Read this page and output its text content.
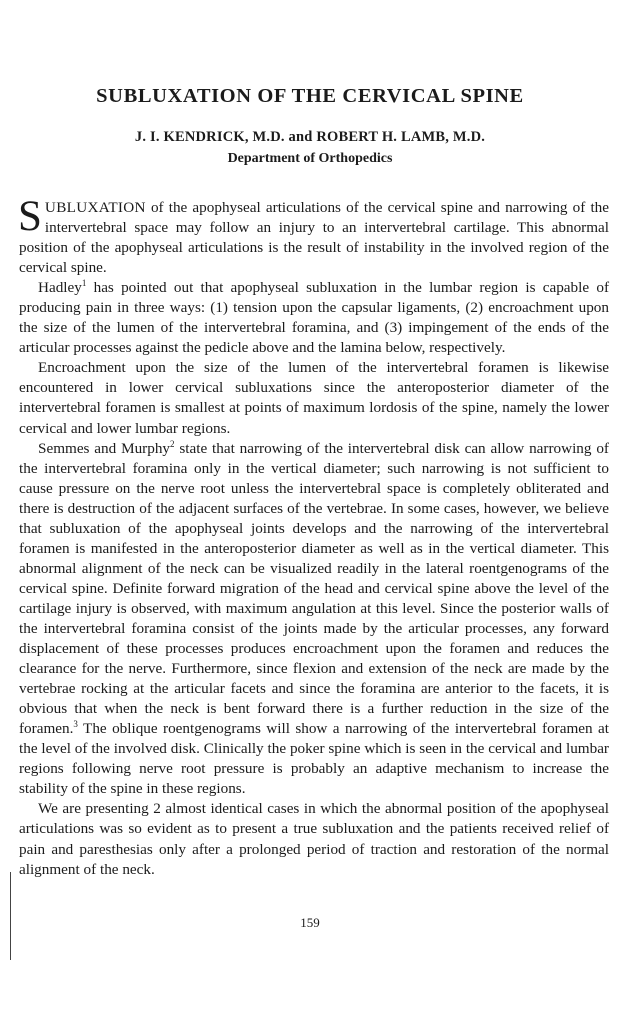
SUBLUXATION OF THE CERVICAL SPINE
J. I. KENDRICK, M.D. and ROBERT H. LAMB, M.D.
Department of Orthopedics

SUBLUXATION of the apophyseal articulations of the cervical spine and narrowing of the intervertebral space may follow an injury to an intervertebral cartilage. This abnormal position of the apophyseal articulations is the result of instability in the involved region of the cervical spine.

Hadley$^1$ has pointed out that apophyseal subluxation in the lumbar region is capable of producing pain in three ways: (1) tension upon the capsular ligaments, (2) encroachment upon the size of the lumen of the intervertebral foramina, and (3) impingement of the ends of the articular processes against the pedicle above and the lamina below, respectively.

Encroachment upon the size of the lumen of the intervertebral foramen is likewise encountered in lower cervical subluxations since the anteroposterior diameter of the intervertebral foramen is smallest at points of maximum lordosis of the spine, namely the lower cervical and lower lumbar regions.

Semmes and Murphy$^2$ state that narrowing of the intervertebral disk can allow narrowing of the intervertebral foramina only in the vertical diameter; such narrowing is not sufficient to cause pressure on the nerve root unless the intervertebral space is completely obliterated and there is destruction of the adjacent surfaces of the vertebrae. In some cases, however, we believe that subluxation of the apophyseal joints develops and the narrowing of the intervertebral foramen is manifested in the anteroposterior diameter as well as in the vertical diameter. This abnormal alignment of the neck can be visualized readily in the lateral roentgenograms of the cervical spine. Definite forward migration of the head and cervical spine above the level of the cartilage injury is observed, with maximum angulation at this level. Since the posterior walls of the intervertebral foramina consist of the joints made by the articular processes, any forward displacement of these processes produces encroachment upon the foramen and reduces the clearance for the nerve. Furthermore, since flexion and extension of the neck are made by the vertebrae rocking at the articular facets and since the foramina are anterior to the facets, it is obvious that when the neck is bent forward there is a further reduction in the size of the foramen.$^3$ The oblique roentgenograms will show a narrowing of the intervertebral foramen at the level of the involved disk. Clinically the poker spine which is seen in the cervical and lumbar regions following nerve root pressure is probably an adaptive mechanism to increase the stability of the spine in these regions.

We are presenting 2 almost identical cases in which the abnormal position of the apophyseal articulations was so evident as to present a true subluxation and the patients received relief of pain and paresthesias only after a prolonged period of traction and restoration of the normal alignment of the neck.

159
